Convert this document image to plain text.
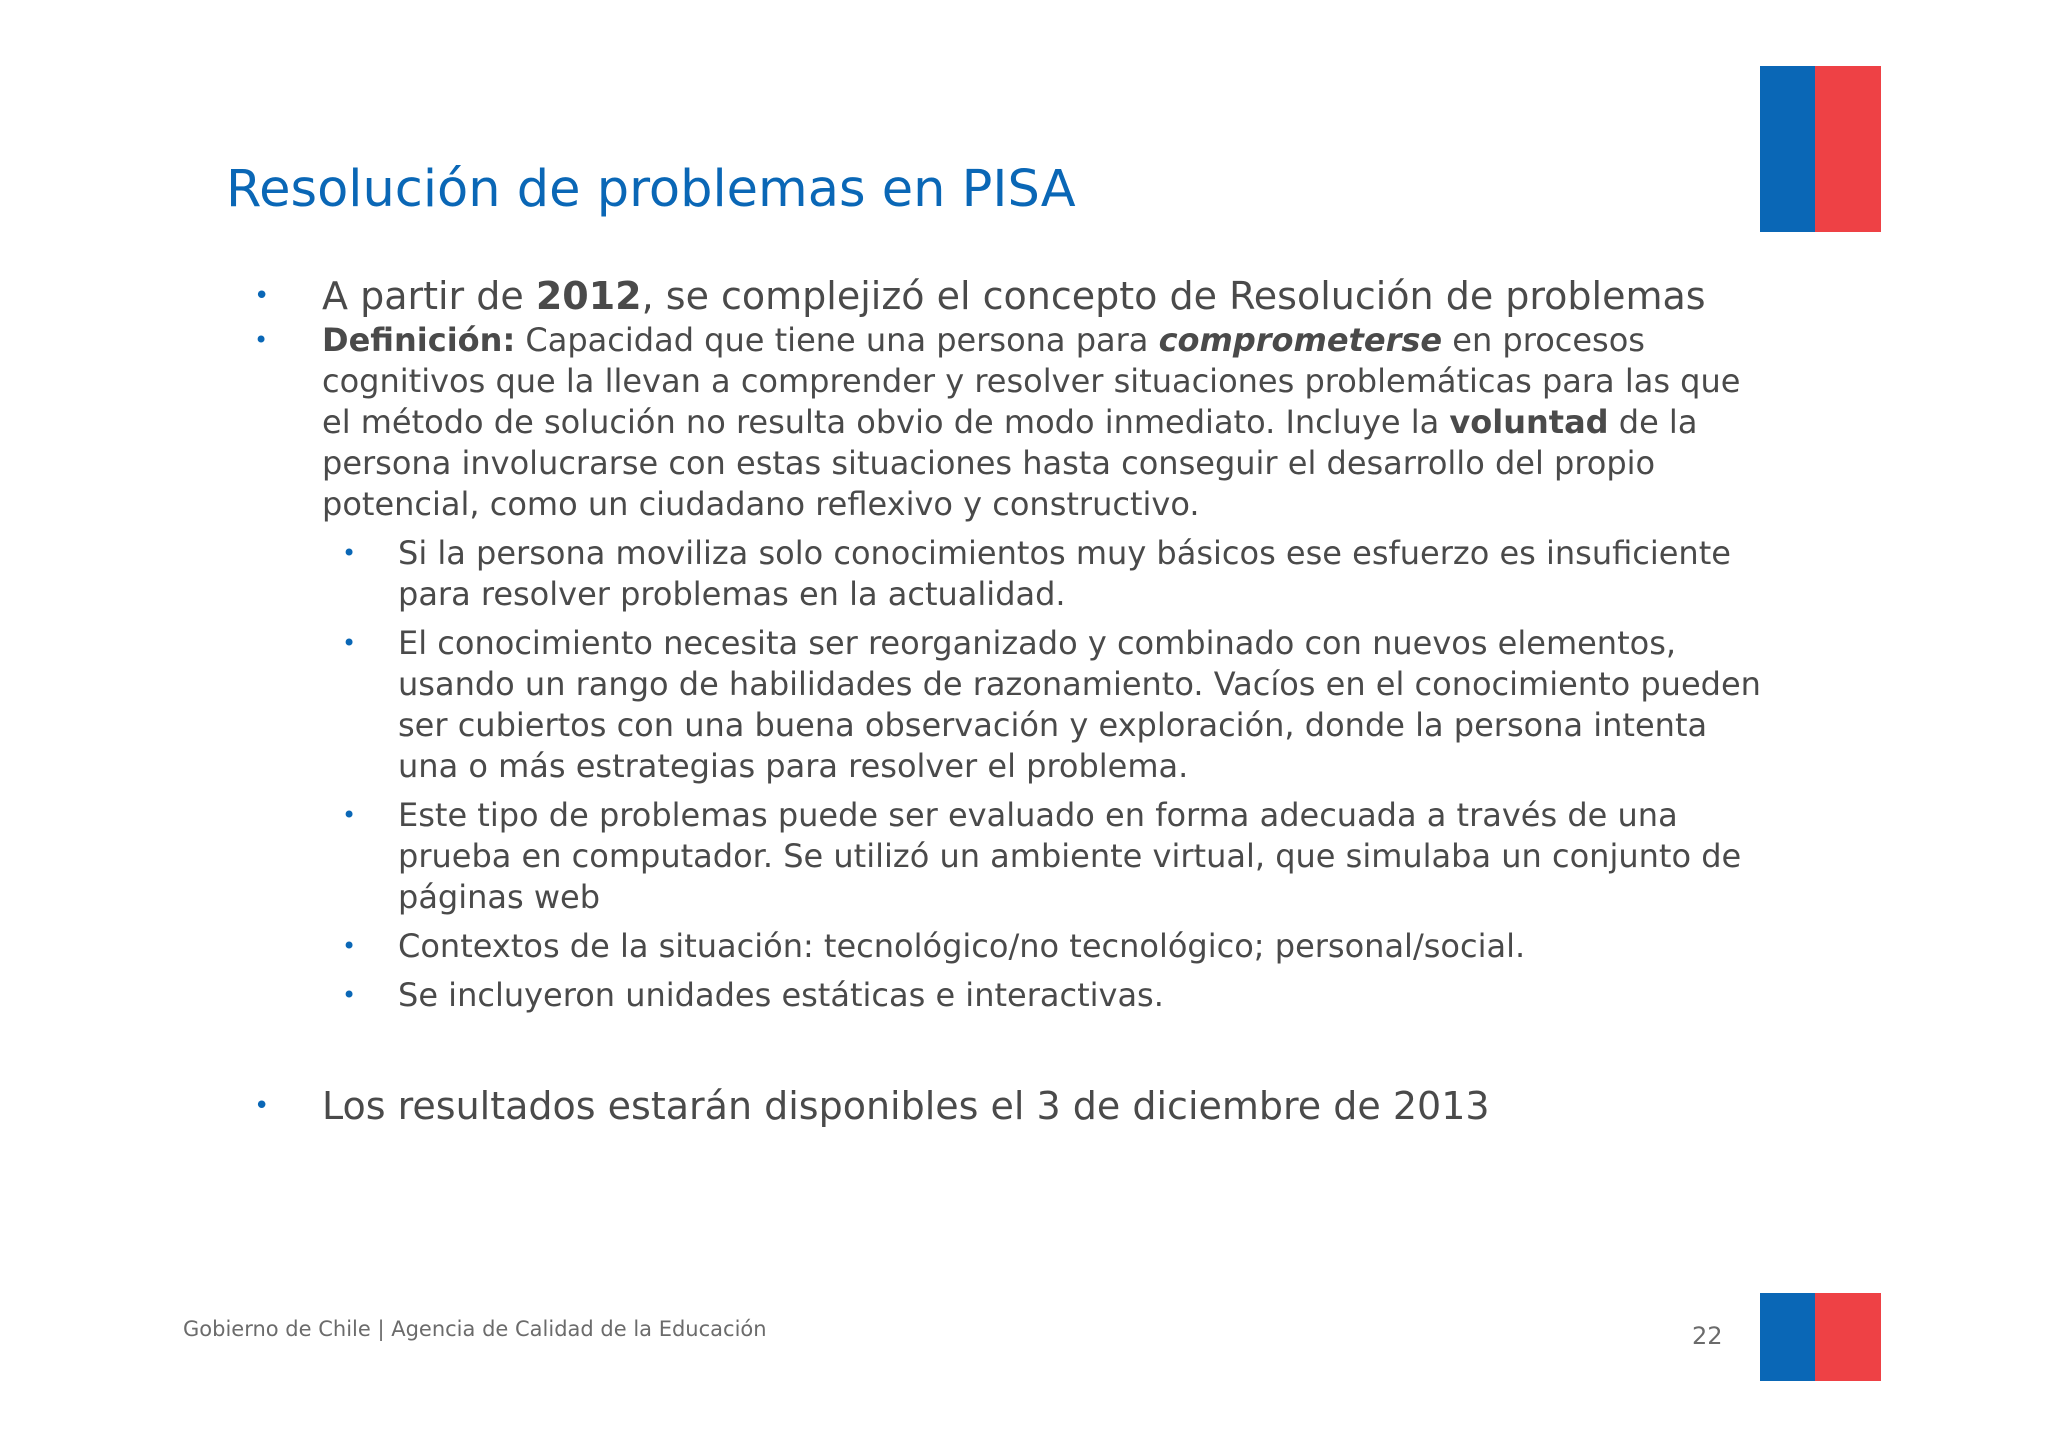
Resolución de problemas en PISA
• A partir de 2012, se complejizó el concepto de Resolución de problemas
• Definición: Capacidad que tiene una persona para comprometerse en procesos cognitivos que la llevan a comprender y resolver situaciones problemáticas para las que el método de solución no resulta obvio de modo inmediato. Incluye la voluntad de la persona involucrarse con estas situaciones hasta conseguir el desarrollo del propio potencial, como un ciudadano reflexivo y constructivo.
• Si la persona moviliza solo conocimientos muy básicos ese esfuerzo es insuficiente para resolver problemas en la actualidad.
• El conocimiento necesita ser reorganizado y combinado con nuevos elementos, usando un rango de habilidades de razonamiento. Vacíos en el conocimiento pueden ser cubiertos con una buena observación y exploración, donde la persona intenta una o más estrategias para resolver el problema.
• Este tipo de problemas puede ser evaluado en forma adecuada a través de una prueba en computador. Se utilizó un ambiente virtual, que simulaba un conjunto de páginas web
• Contextos de la situación: tecnológico/no tecnológico; personal/social.
• Se incluyeron unidades estáticas e interactivas.
• Los resultados estarán disponibles el 3 de diciembre de 2013
Gobierno de Chile | Agencia de Calidad de la Educación	22
